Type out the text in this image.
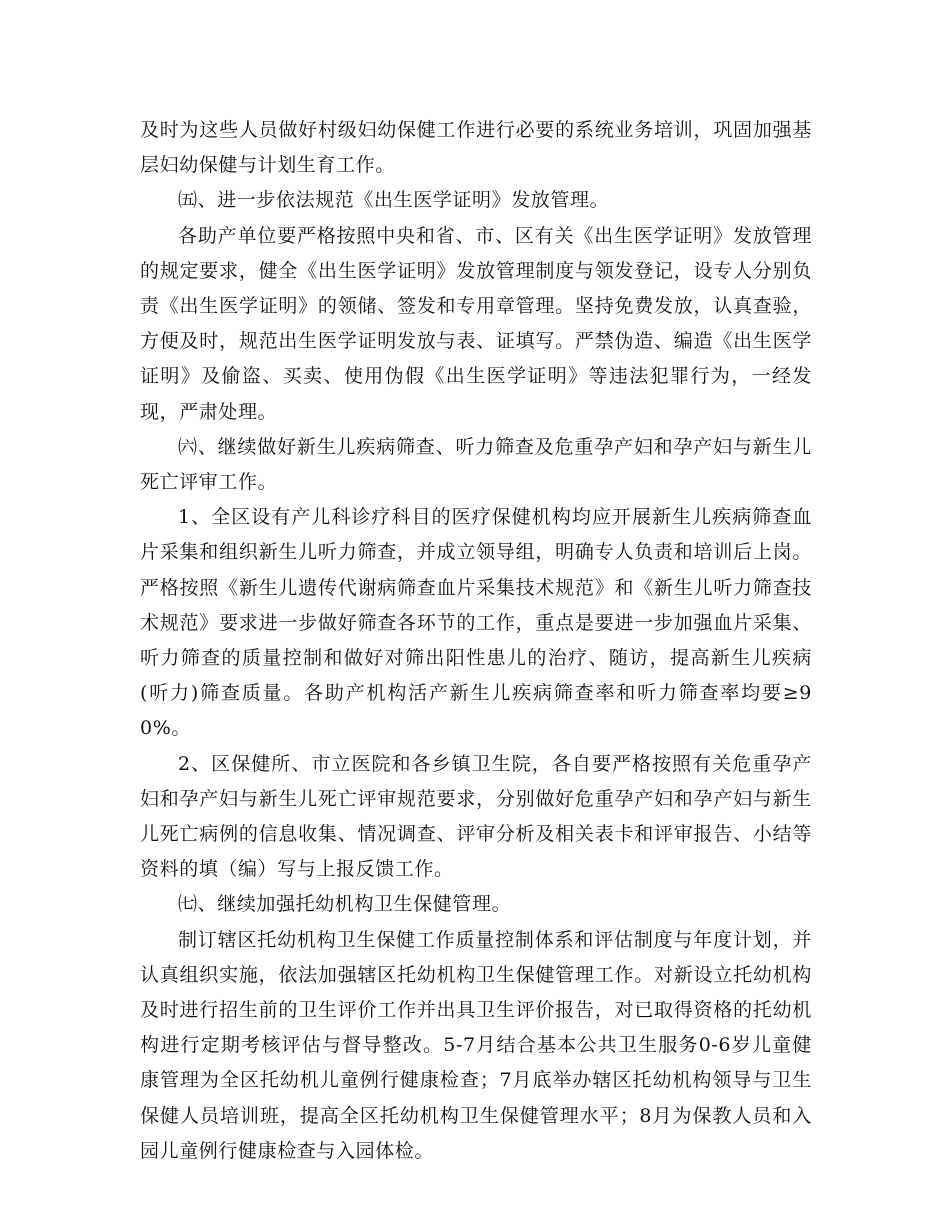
及时为这些人员做好村级妇幼保健工作进行必要的系统业务培训，巩固加强基层妇幼保健与计划生育工作。

㈤、进一步依法规范《出生医学证明》发放管理。

各助产单位要严格按照中央和省、市、区有关《出生医学证明》发放管理的规定要求，健全《出生医学证明》发放管理制度与领发登记，设专人分别负责《出生医学证明》的领储、签发和专用章管理。坚持免费发放，认真查验，方便及时，规范出生医学证明发放与表、证填写。严禁伪造、编造《出生医学证明》及偷盗、买卖、使用伪假《出生医学证明》等违法犯罪行为，一经发现，严肃处理。

㈥、继续做好新生儿疾病筛查、听力筛查及危重孕产妇和孕产妇与新生儿死亡评审工作。

1、全区设有产儿科诊疗科目的医疗保健机构均应开展新生儿疾病筛查血片采集和组织新生儿听力筛查，并成立领导组，明确专人负责和培训后上岗。严格按照《新生儿遗传代谢病筛查血片采集技术规范》和《新生儿听力筛查技术规范》要求进一步做好筛查各环节的工作，重点是要进一步加强血片采集、听力筛查的质量控制和做好对筛出阳性患儿的治疗、随访，提高新生儿疾病(听力)筛查质量。各助产机构活产新生儿疾病筛查率和听力筛查率均要≥90%。

2、区保健所、市立医院和各乡镇卫生院，各自要严格按照有关危重孕产妇和孕产妇与新生儿死亡评审规范要求，分别做好危重孕产妇和孕产妇与新生儿死亡病例的信息收集、情况调查、评审分析及相关表卡和评审报告、小结等资料的填（编）写与上报反馈工作。

㈦、继续加强托幼机构卫生保健管理。

制订辖区托幼机构卫生保健工作质量控制体系和评估制度与年度计划，并认真组织实施，依法加强辖区托幼机构卫生保健管理工作。对新设立托幼机构及时进行招生前的卫生评价工作并出具卫生评价报告，对已取得资格的托幼机构进行定期考核评估与督导整改。5-7月结合基本公共卫生服务0-6岁儿童健康管理为全区托幼机儿童例行健康检查；7月底举办辖区托幼机构领导与卫生保健人员培训班，提高全区托幼机构卫生保健管理水平；8月为保教人员和入园儿童例行健康检查与入园体检。
